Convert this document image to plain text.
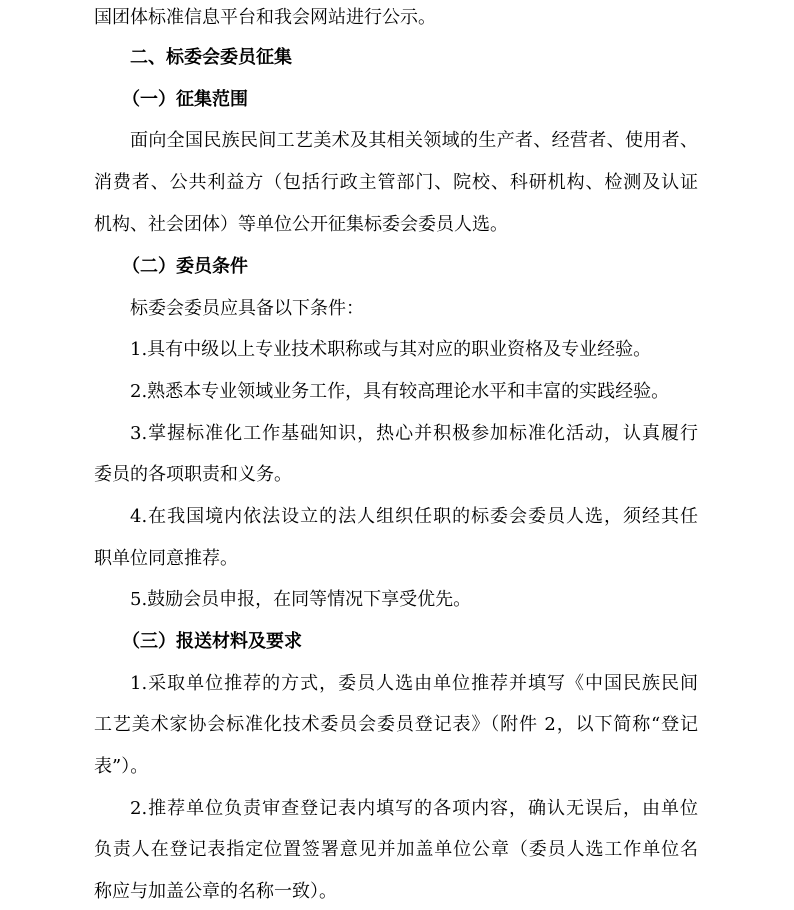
国团体标准信息平台和我会网站进行公示。
二、标委会委员征集
（一）征集范围
面向全国民族民间工艺美术及其相关领域的生产者、经营者、使用者、
消费者、公共利益方（包括行政主管部门、院校、科研机构、检测及认证
机构、社会团体）等单位公开征集标委会委员人选。
（二）委员条件
标委会委员应具备以下条件：
1.具有中级以上专业技术职称或与其对应的职业资格及专业经验。
2.熟悉本专业领域业务工作，具有较高理论水平和丰富的实践经验。
3.掌握标准化工作基础知识，热心并积极参加标准化活动，认真履行
委员的各项职责和义务。
4.在我国境内依法设立的法人组织任职的标委会委员人选，须经其任
职单位同意推荐。
5.鼓励会员申报，在同等情况下享受优先。
（三）报送材料及要求
1.采取单位推荐的方式，委员人选由单位推荐并填写《中国民族民间
工艺美术家协会标准化技术委员会委员登记表》（附件 2，以下简称“登记
表”）。
2.推荐单位负责审查登记表内填写的各项内容，确认无误后，由单位
负责人在登记表指定位置签署意见并加盖单位公章（委员人选工作单位名
称应与加盖公章的名称一致）。
